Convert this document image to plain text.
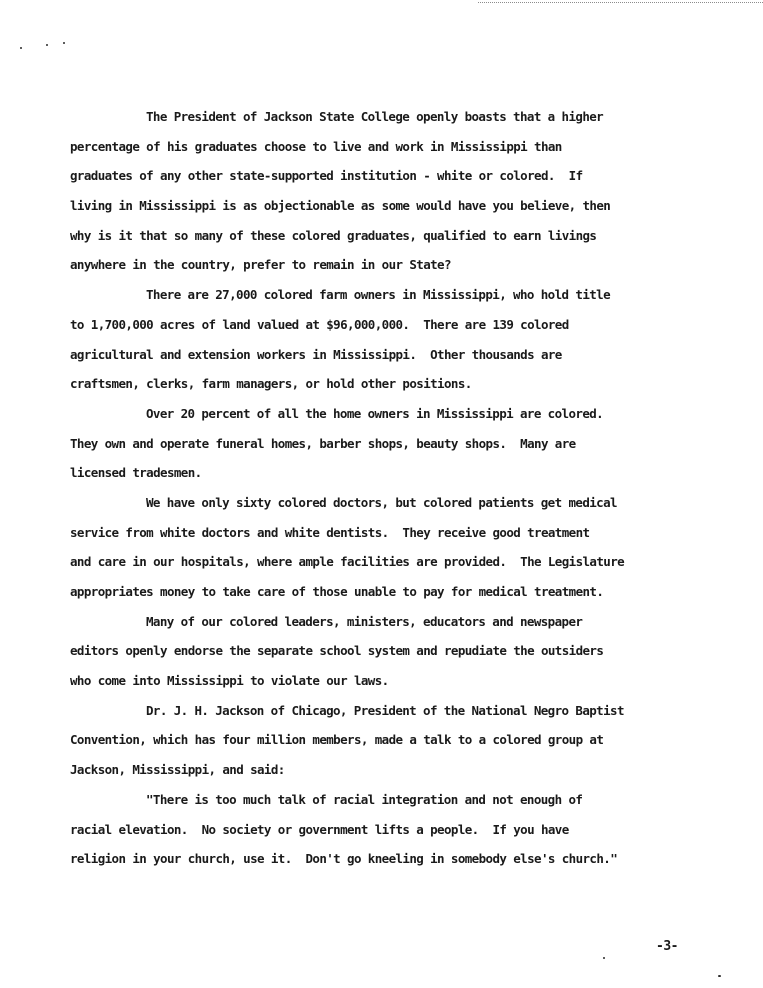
The President of Jackson State College openly boasts that a higher
percentage of his graduates choose to live and work in Mississippi than
graduates of any other state-supported institution - white or colored.  If
living in Mississippi is as objectionable as some would have you believe, then
why is it that so many of these colored graduates, qualified to earn livings
anywhere in the country, prefer to remain in our State?
There are 27,000 colored farm owners in Mississippi, who hold title
to 1,700,000 acres of land valued at $96,000,000.  There are 139 colored
agricultural and extension workers in Mississippi.  Other thousands are
craftsmen, clerks, farm managers, or hold other positions.
Over 20 percent of all the home owners in Mississippi are colored.
They own and operate funeral homes, barber shops, beauty shops.  Many are
licensed tradesmen.
We have only sixty colored doctors, but colored patients get medical
service from white doctors and white dentists.  They receive good treatment
and care in our hospitals, where ample facilities are provided.  The Legislature
appropriates money to take care of those unable to pay for medical treatment.
Many of our colored leaders, ministers, educators and newspaper
editors openly endorse the separate school system and repudiate the outsiders
who come into Mississippi to violate our laws.
Dr. J. H. Jackson of Chicago, President of the National Negro Baptist
Convention, which has four million members, made a talk to a colored group at
Jackson, Mississippi, and said:
"There is too much talk of racial integration and not enough of
racial elevation.  No society or government lifts a people.  If you have
religion in your church, use it.  Don't go kneeling in somebody else's church."
-3-
